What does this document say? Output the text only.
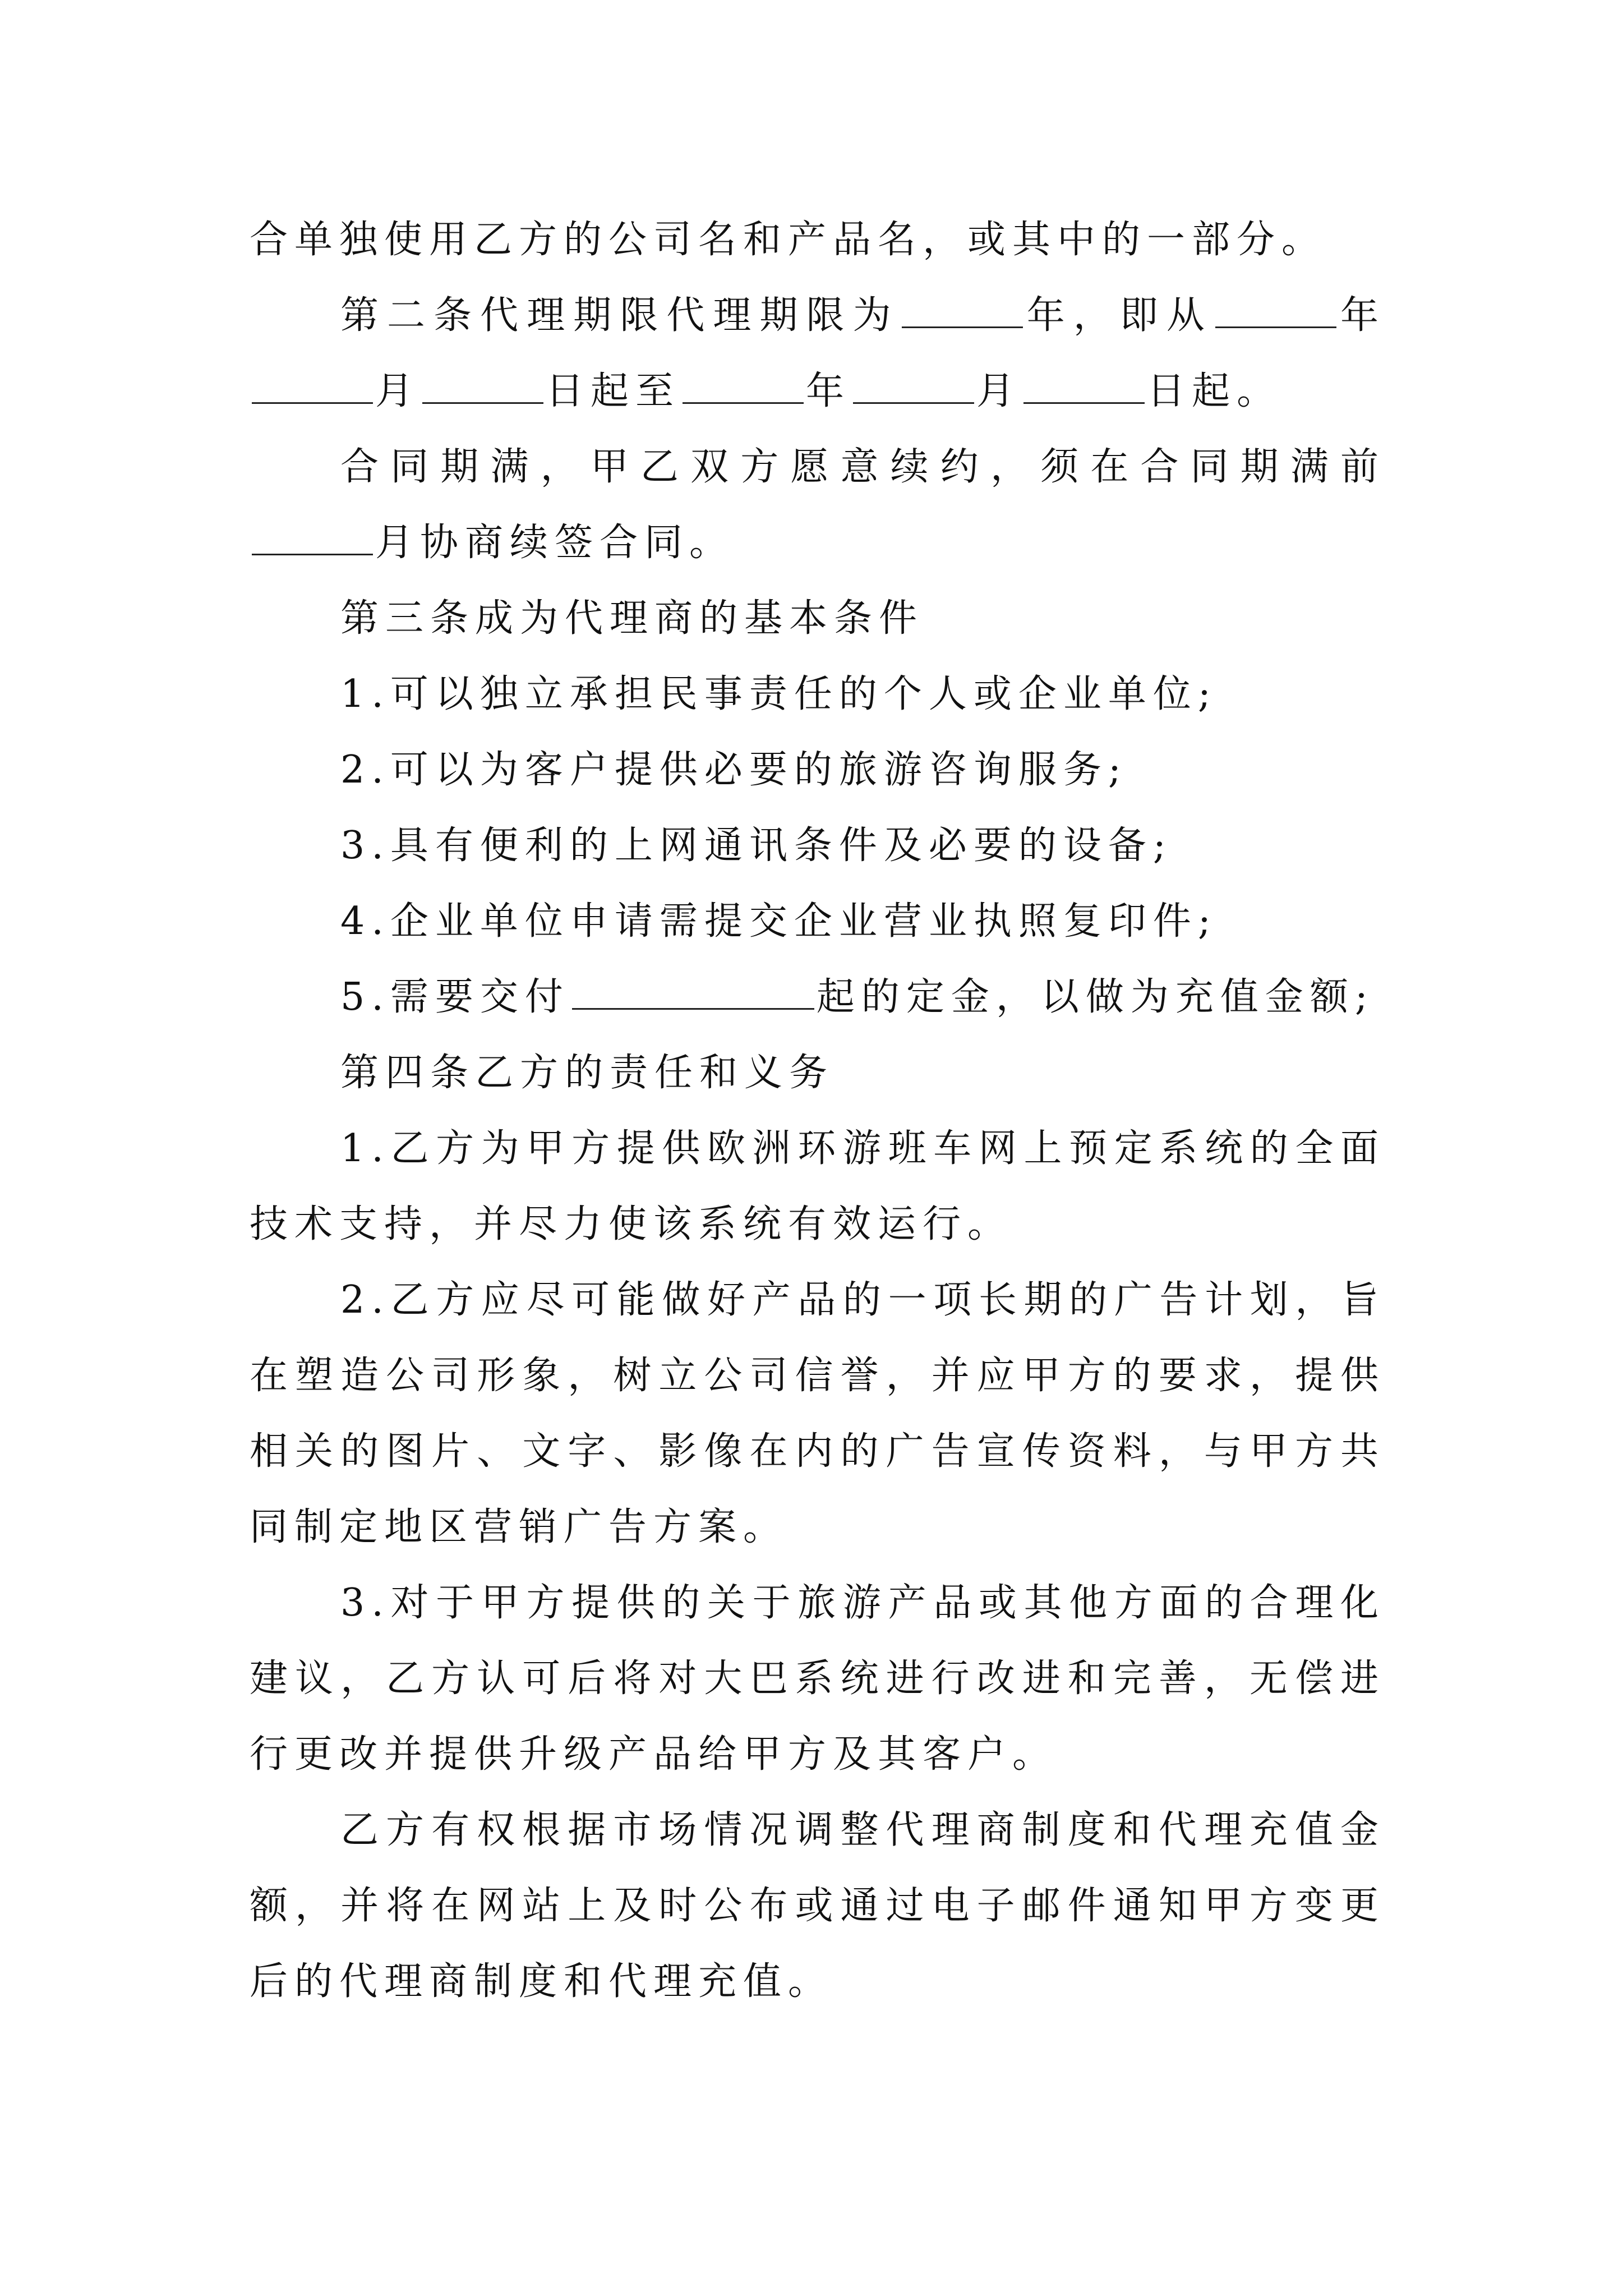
合单独使用乙方的公司名和产品名，或其中的一部分。

第二条代理期限代理期限为	年，即从	年月	日起至	年	月	日起。

合同期满，甲乙双方愿意续约，须在合同期满前月协商续签合同。

第三条成为代理商的基本条件

1.可以独立承担民事责任的个人或企业单位;

2.可以为客户提供必要的旅游咨询服务;

3.具有便利的上网通讯条件及必要的设备;

4.企业单位申请需提交企业营业执照复印件;

5.需要交付	起的定金，以做为充值金额;

第四条乙方的责任和义务

1.乙方为甲方提供欧洲环游班车网上预定系统的全面技术支持，并尽力使该系统有效运行。

2.乙方应尽可能做好产品的一项长期的广告计划，旨在塑造公司形象，树立公司信誉，并应甲方的要求，提供相关的图片、文字、影像在内的广告宣传资料，与甲方共同制定地区营销广告方案。

3.对于甲方提供的关于旅游产品或其他方面的合理化建议，乙方认可后将对大巴系统进行改进和完善，无偿进行更改并提供升级产品给甲方及其客户。

乙方有权根据市场情况调整代理商制度和代理充值金额，并将在网站上及时公布或通过电子邮件通知甲方变更后的代理商制度和代理充值。
